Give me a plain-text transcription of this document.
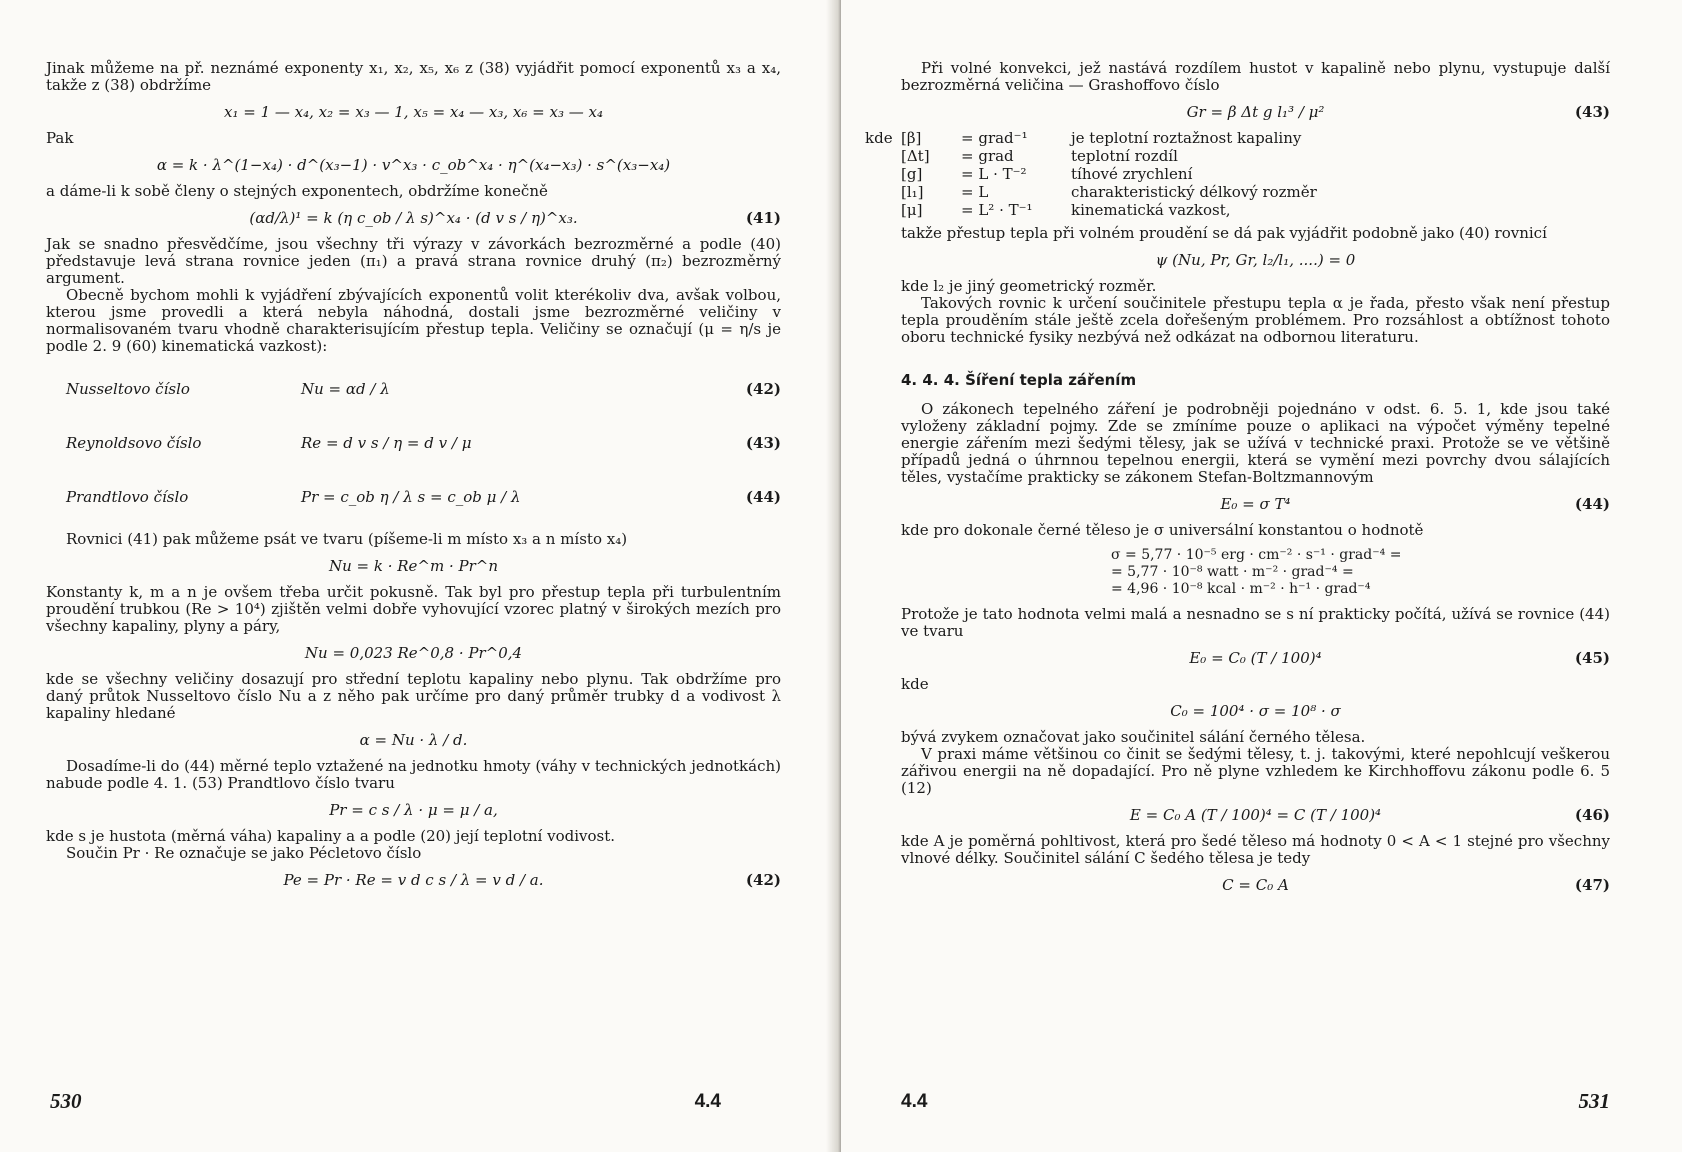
Jinak můžeme na př. neznámé exponenty x₁, x₂, x₅, x₆ z (38) vyjádřit pomocí exponentů x₃ a x₄, takže z (38) obdržíme

x₁ = 1 — x₄, x₂ = x₃ — 1, x₅ = x₄ — x₃, x₆ = x₃ — x₄

Pak

α = k · λ^(1−x₄) · d^(x₃−1) · v^x₃ · c_ob^x₄ · η^(x₄−x₃) · s^(x₃−x₄)

a dáme-li k sobě členy o stejných exponentech, obdržíme konečně

(αd/λ)¹ = k (η c_ob / λ s)^x₄ · (d v s / η)^x₃.	(41)

Jak se snadno přesvědčíme, jsou všechny tři výrazy v závorkách bezrozměrné a podle (40) představuje levá strana rovnice jeden (π₁) a pravá strana rovnice druhý (π₂) bezrozměrný argument.

Obecně bychom mohli k vyjádření zbývajících exponentů volit kterékoliv dva, avšak volbou, kterou jsme provedli a která nebyla náhodná, dostali jsme bezrozměrné veličiny v normalisovaném tvaru vhodně charakterisujícím přestup tepla. Veličiny se označují (μ = η/s je podle 2. 9 (60) kinematická vazkost):

Nusseltovo číslo	Nu = αd / λ	(42)
Reynoldsovo číslo	Re = d v s / η = d v / μ	(43)
Prandtlovo číslo	Pr = c_ob η / λ s = c_ob μ / λ	(44)

Rovnici (41) pak můžeme psát ve tvaru (píšeme-li m místo x₃ a n místo x₄)

Nu = k · Re^m · Pr^n

Konstanty k, m a n je ovšem třeba určit pokusně. Tak byl pro přestup tepla při turbulentním proudění trubkou (Re > 10⁴) zjištěn velmi dobře vyhovující vzorec platný v širokých mezích pro všechny kapaliny, plyny a páry,

Nu = 0,023 Re^0,8 · Pr^0,4

kde se všechny veličiny dosazují pro střední teplotu kapaliny nebo plynu. Tak obdržíme pro daný průtok Nusseltovo číslo Nu a z něho pak určíme pro daný průměr trubky d a vodivost λ kapaliny hledané

α = Nu · λ / d.

Dosadíme-li do (44) měrné teplo vztažené na jednotku hmoty (váhy v technických jednotkách) nabude podle 4. 1. (53) Prandtlovo číslo tvaru

Pr = c s / λ · μ = μ / a,

kde s je hustota (měrná váha) kapaliny a a podle (20) její teplotní vodivost.

Součin Pr · Re označuje se jako Pécletovo číslo

Pe = Pr · Re = v d c s / λ = v d / a.	(42)
530	4.4

Při volné konvekci, jež nastává rozdílem hustot v kapalině nebo plynu, vystupuje další bezrozměrná veličina — Grashoffovo číslo

Gr = β Δt g l₁³ / μ²	(43)
kde [β]	= grad⁻¹	je teplotní roztažnost kapaliny
[Δt]	= grad	teplotní rozdíl
[g]	= L · T⁻²	tíhové zrychlení
[l₁]	= L	charakteristický délkový rozměr
[μ]	= L² · T⁻¹	kinematická vazkost,

takže přestup tepla při volném proudění se dá pak vyjádřit podobně jako (40) rovnicí

ψ (Nu, Pr, Gr, l₂/l₁, ....) = 0

kde l₂ je jiný geometrický rozměr.

Takových rovnic k určení součinitele přestupu tepla α je řada, přesto však není přestup tepla prouděním stále ještě zcela dořešeným problémem. Pro rozsáhlost a obtížnost tohoto oboru technické fysiky nezbývá než odkázat na odbornou literaturu.

4. 4. 4. Šíření tepla zářením

O zákonech tepelného záření je podrobněji pojednáno v odst. 6. 5. 1, kde jsou také vyloženy základní pojmy. Zde se zmíníme pouze o aplikaci na výpočet výměny tepelné energie zářením mezi šedými tělesy, jak se užívá v technické praxi. Protože se ve většině případů jedná o úhrnnou tepelnou energii, která se vymění mezi povrchy dvou sálajících těles, vystačíme prakticky se zákonem Stefan-Boltzmannovým

E₀ = σ T⁴	(44)

kde pro dokonale černé těleso je σ universální konstantou o hodnotě

σ = 5,77 · 10⁻⁵ erg · cm⁻² · s⁻¹ · grad⁻⁴ =
= 5,77 · 10⁻⁸ watt · m⁻² · grad⁻⁴ =
= 4,96 · 10⁻⁸ kcal · m⁻² · h⁻¹ · grad⁻⁴

Protože je tato hodnota velmi malá a nesnadno se s ní prakticky počítá, užívá se rovnice (44) ve tvaru

E₀ = C₀ (T / 100)⁴	(45)

kde

C₀ = 100⁴ · σ = 10⁸ · σ

bývá zvykem označovat jako součinitel sálání černého tělesa.

V praxi máme většinou co činit se šedými tělesy, t. j. takovými, které nepohlcují veškerou zářivou energii na ně dopadající. Pro ně plyne vzhledem ke Kirchhoffovu zákonu podle 6. 5 (12)

E = C₀ A (T / 100)⁴ = C (T / 100)⁴	(46)

kde A je poměrná pohltivost, která pro šedé těleso má hodnoty 0 < A < 1 stejné pro všechny vlnové délky. Součinitel sálání C šedého tělesa je tedy

C = C₀ A	(47)
4.4	531
